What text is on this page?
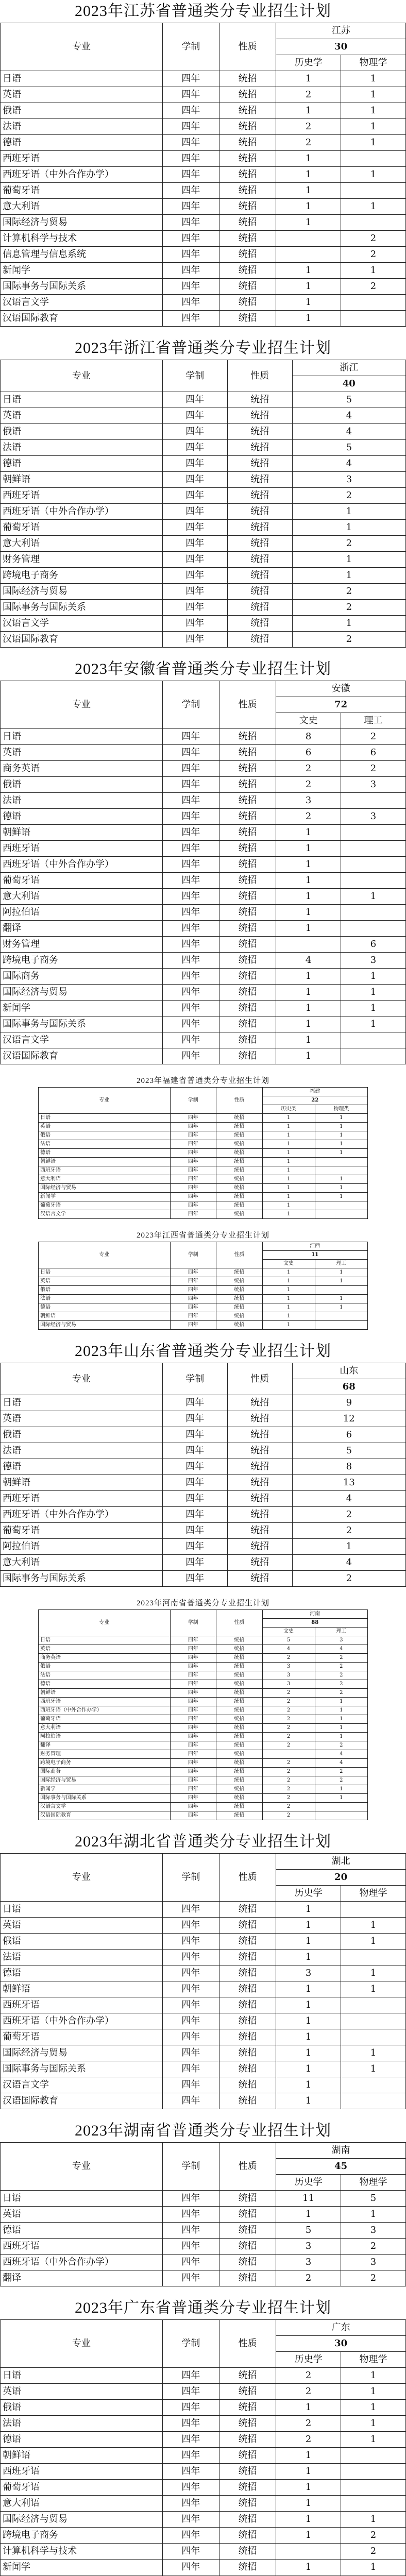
2023年江苏省普通类分专业招生计划
专业	学制	性质	江苏	
			30	
			历史学	物理学
日语	四年	统招	1	1
英语	四年	统招	2	1
俄语	四年	统招	1	1
法语	四年	统招	2	1
德语	四年	统招	2	1
西班牙语	四年	统招	1	
西班牙语（中外合作办学）	四年	统招	1	1
葡萄牙语	四年	统招	1	
意大利语	四年	统招	1	1
国际经济与贸易	四年	统招	1	
计算机科学与技术	四年	统招		2
信息管理与信息系统	四年	统招		2
新闻学	四年	统招	1	1
国际事务与国际关系	四年	统招	1	2
汉语言文学	四年	统招	1	
汉语国际教育	四年	统招	1	
2023年浙江省普通类分专业招生计划
专业	学制	性质	浙江
			40
日语	四年	统招	5
英语	四年	统招	4
俄语	四年	统招	4
法语	四年	统招	5
德语	四年	统招	4
朝鲜语	四年	统招	3
西班牙语	四年	统招	2
西班牙语（中外合作办学）	四年	统招	1
葡萄牙语	四年	统招	1
意大利语	四年	统招	2
财务管理	四年	统招	1
跨境电子商务	四年	统招	1
国际经济与贸易	四年	统招	2
国际事务与国际关系	四年	统招	2
汉语言文学	四年	统招	1
汉语国际教育	四年	统招	2
2023年安徽省普通类分专业招生计划
专业	学制	性质	安徽	
			72	
			文史	理工
日语	四年	统招	8	2
英语	四年	统招	6	6
商务英语	四年	统招	2	2
俄语	四年	统招	2	3
法语	四年	统招	3	
德语	四年	统招	2	3
朝鲜语	四年	统招	1	
西班牙语	四年	统招	1	
西班牙语（中外合作办学）	四年	统招	1	
葡萄牙语	四年	统招	1	
意大利语	四年	统招	1	1
阿拉伯语	四年	统招	1	
翻译	四年	统招	1	
财务管理	四年	统招		6
跨境电子商务	四年	统招	4	3
国际商务	四年	统招	1	1
国际经济与贸易	四年	统招	1	1
新闻学	四年	统招	1	1
国际事务与国际关系	四年	统招	1	1
汉语言文学	四年	统招	1	
汉语国际教育	四年	统招	1	
2023年福建省普通类分专业招生计划
专业	学制	性质	福建	
			22	
			历史类	物理类
日语	四年	统招	1	1
英语	四年	统招	1	1
俄语	四年	统招	1	1
法语	四年	统招	1	1
德语	四年	统招	1	1
朝鲜语	四年	统招	1	
西班牙语	四年	统招	1	
意大利语	四年	统招	1	1
国际经济与贸易	四年	统招	1	1
新闻学	四年	统招	1	1
葡萄牙语	四年	统招	1	
汉语言文学	四年	统招	1	
2023年江西省普通类分专业招生计划
专业	学制	性质	江西	
			11	
			文史	理工
日语	四年	统招	1	1
英语	四年	统招	1	1
俄语	四年	统招	1	
法语	四年	统招	1	1
德语	四年	统招	1	1
朝鲜语	四年	统招	1	
国际经济与贸易	四年	统招	1	
2023年山东省普通类分专业招生计划
专业	学制	性质	山东
			68
日语	四年	统招	9
英语	四年	统招	12
俄语	四年	统招	6
法语	四年	统招	5
德语	四年	统招	8
朝鲜语	四年	统招	13
西班牙语	四年	统招	4
西班牙语（中外合作办学）	四年	统招	2
葡萄牙语	四年	统招	2
阿拉伯语	四年	统招	1
意大利语	四年	统招	4
国际事务与国际关系	四年	统招	2
2023年河南省普通类分专业招生计划
专业	学制	性质	河南	
			88	
			文史	理工
日语	四年	统招	5	3
英语	四年	统招	4	4
商务英语	四年	统招	2	2
俄语	四年	统招	3	2
法语	四年	统招	3	2
德语	四年	统招	3	2
朝鲜语	四年	统招	2	2
西班牙语	四年	统招	2	1
西班牙语（中外合作办学）	四年	统招	2	1
葡萄牙语	四年	统招	2	1
意大利语	四年	统招	2	1
阿拉伯语	四年	统招	2	1
翻译	四年	统招	2	2
财务管理	四年	统招		4
跨境电子商务	四年	统招	2	4
国际商务	四年	统招	2	2
国际经济与贸易	四年	统招	2	2
新闻学	四年	统招	2	1
国际事务与国际关系	四年	统招	2	1
汉语言文学	四年	统招	2	
汉语国际教育	四年	统招	2	
2023年湖北省普通类分专业招生计划
专业	学制	性质	湖北	
			20	
			历史学	物理学
日语	四年	统招	1	
英语	四年	统招	1	1
俄语	四年	统招	1	1
法语	四年	统招	1	
德语	四年	统招	3	1
朝鲜语	四年	统招	1	1
西班牙语	四年	统招	1	
西班牙语（中外合作办学）	四年	统招	1	
葡萄牙语	四年	统招	1	
国际经济与贸易	四年	统招	1	1
国际事务与国际关系	四年	统招	1	1
汉语言文学	四年	统招	1	
汉语国际教育	四年	统招	1	
2023年湖南省普通类分专业招生计划
专业	学制	性质	湖南	
			45	
			历史学	物理学
日语	四年	统招	11	5
英语	四年	统招	1	1
德语	四年	统招	5	3
西班牙语	四年	统招	3	2
西班牙语（中外合作办学）	四年	统招	3	3
翻译	四年	统招	2	2
2023年广东省普通类分专业招生计划
专业	学制	性质	广东	
			30	
			历史学	物理学
日语	四年	统招	2	1
英语	四年	统招	2	1
俄语	四年	统招	1	1
法语	四年	统招	2	1
德语	四年	统招	2	1
朝鲜语	四年	统招	1	
西班牙语	四年	统招	1	
葡萄牙语	四年	统招	1	
意大利语	四年	统招	1	
国际经济与贸易	四年	统招	1	1
跨境电子商务	四年	统招	1	2
计算机科学与技术	四年	统招		2
新闻学	四年	统招	1	1
